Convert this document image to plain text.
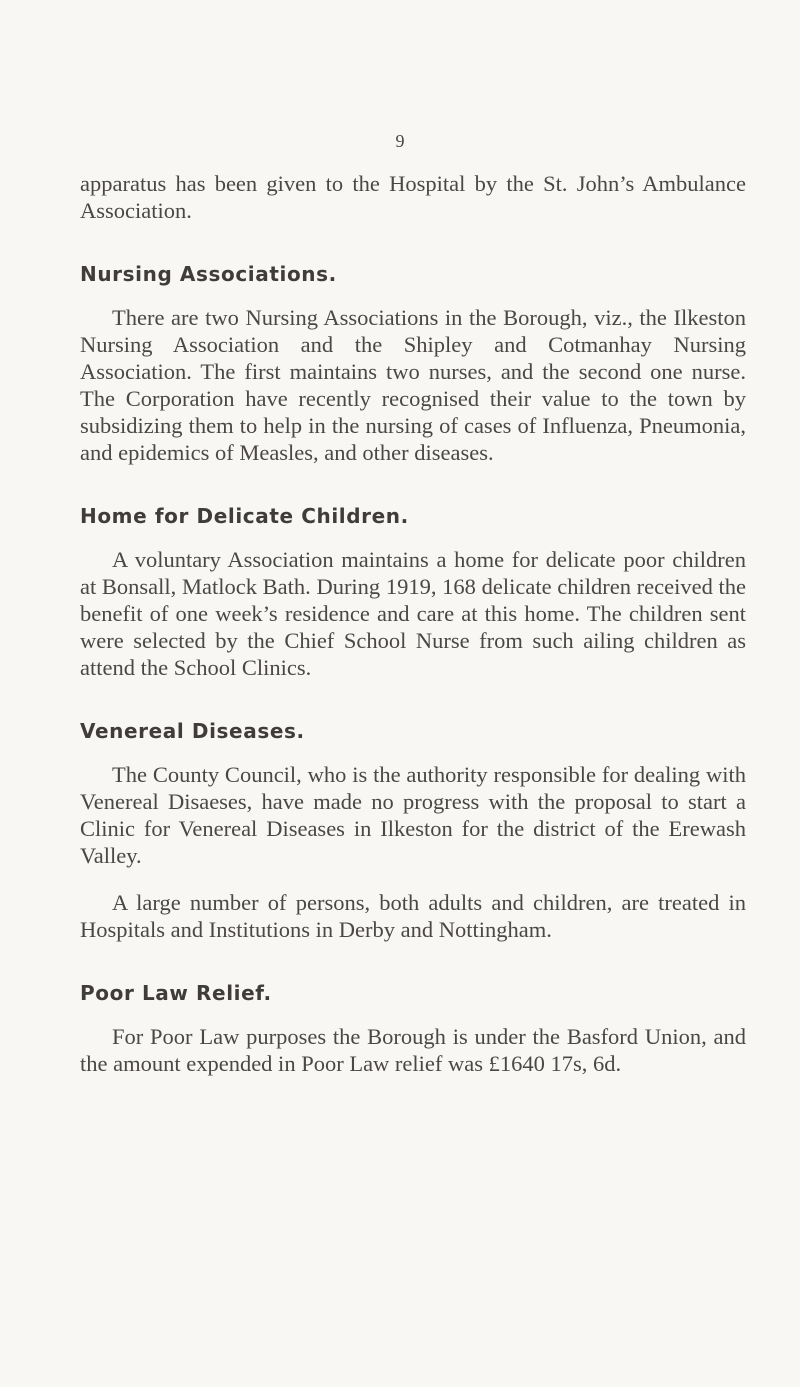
9

apparatus has been given to the Hospital by the St. John’s Ambulance Association.

Nursing Associations.

There are two Nursing Associations in the Borough, viz., the Ilkeston Nursing Association and the Shipley and Cotmanhay Nursing Association. The first maintains two nurses, and the second one nurse. The Corporation have recently recognised their value to the town by subsidizing them to help in the nursing of cases of Influenza, Pneumonia, and epidemics of Measles, and other diseases.

Home for Delicate Children.

A voluntary Association maintains a home for delicate poor children at Bonsall, Matlock Bath. During 1919, 168 delicate children received the benefit of one week’s residence and care at this home. The children sent were selected by the Chief School Nurse from such ailing children as attend the School Clinics.

Venereal Diseases.

The County Council, who is the authority responsible for dealing with Venereal Disaeses, have made no progress with the proposal to start a Clinic for Venereal Diseases in Ilkeston for the district of the Erewash Valley.

A large number of persons, both adults and children, are treated in Hospitals and Institutions in Derby and Nottingham.

Poor Law Relief.

For Poor Law purposes the Borough is under the Basford Union, and the amount expended in Poor Law relief was £1640 17s, 6d.
